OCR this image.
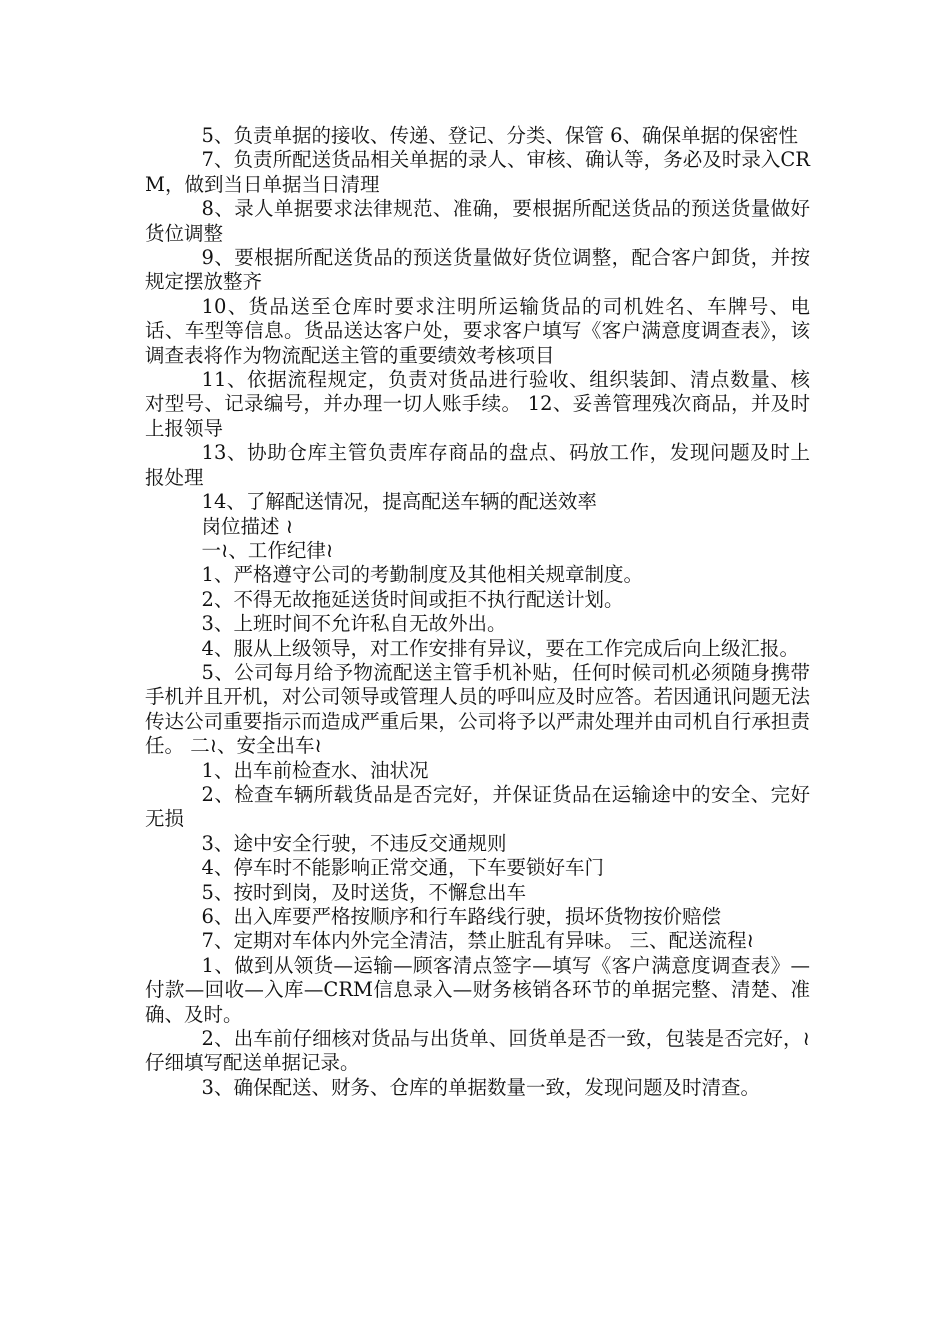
5、负责单据的接收、传递、登记、分类、保管 6、确保单据的保密性

7、负责所配送货品相关单据的录人、审核、确认等，务必及时录入CRM，做到当日单据当日清理

8、录人单据要求法律规范、准确，要根据所配送货品的预送货量做好货位调整

9、要根据所配送货品的预送货量做好货位调整，配合客户卸货，并按规定摆放整齐

10、货品送至仓库时要求注明所运输货品的司机姓名、车牌号、电话、车型等信息。货品送达客户处，要求客户填写《客户满意度调查表》，该调查表将作为物流配送主管的重要绩效考核项目

11、依据流程规定，负责对货品进行验收、组织装卸、清点数量、核对型号、记录编号，并办理一切人账手续。 12、妥善管理残次商品，并及时上报领导

13、协助仓库主管负责库存商品的盘点、码放工作，发现问题及时上报处理

14、了解配送情况，提高配送车辆的配送效率

岗位描述 ≀

一≀、工作纪律≀

1、严格遵守公司的考勤制度及其他相关规章制度。

2、不得无故拖延送货时间或拒不执行配送计划。

3、上班时间不允许私自无故外出。

4、服从上级领导，对工作安排有异议，要在工作完成后向上级汇报。

5、公司每月给予物流配送主管手机补贴，任何时候司机必须随身携带手机并且开机，对公司领导或管理人员的呼叫应及时应答。若因通讯问题无法传达公司重要指示而造成严重后果，公司将予以严肃处理并由司机自行承担责任。 二≀、安全出车≀

1、出车前检查水、油状况

2、检查车辆所载货品是否完好，并保证货品在运输途中的安全、完好无损

3、途中安全行驶，不违反交通规则

4、停车时不能影响正常交通，下车要锁好车门

5、按时到岗，及时送货，不懈怠出车

6、出入库要严格按顺序和行车路线行驶，损坏货物按价赔偿

7、定期对车体内外完全清洁，禁止脏乱有异味。 三、配送流程≀

1、做到从领货—运输—顾客清点签字—填写《客户满意度调查表》—付款—回收—入库—CRM信息录入—财务核销各环节的单据完整、清楚、准确、及时。

2、出车前仔细核对货品与出货单、回货单是否一致，包装是否完好，≀仔细填写配送单据记录。

3、确保配送、财务、仓库的单据数量一致，发现问题及时清查。
